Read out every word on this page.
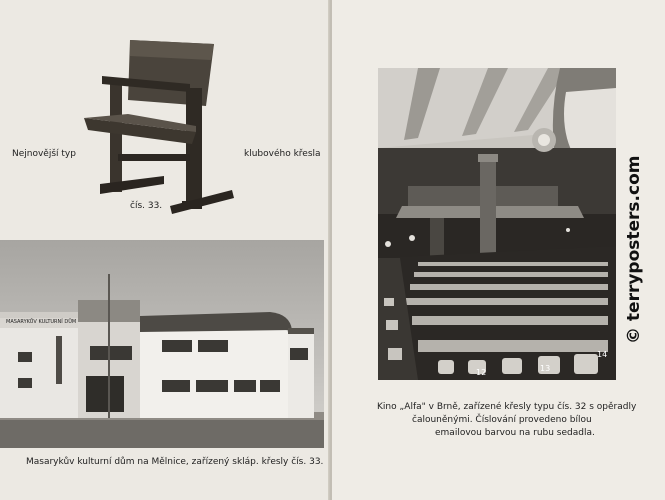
Nejnovější typ	klubového křesla
čís. 33.
MASARYKŮV KULTURNÍ DŮM
Masarykův kulturní dům na Mělnice, zařízený skláp. křesly čís. 33.
14
13
12
Kino „Alfa" v Brně, zařízené křesly typu čís. 32 s opěradly
čalouněnými. Číslování provedeno bílou
emailovou barvou na rubu sedadla.
© terryposters.com
